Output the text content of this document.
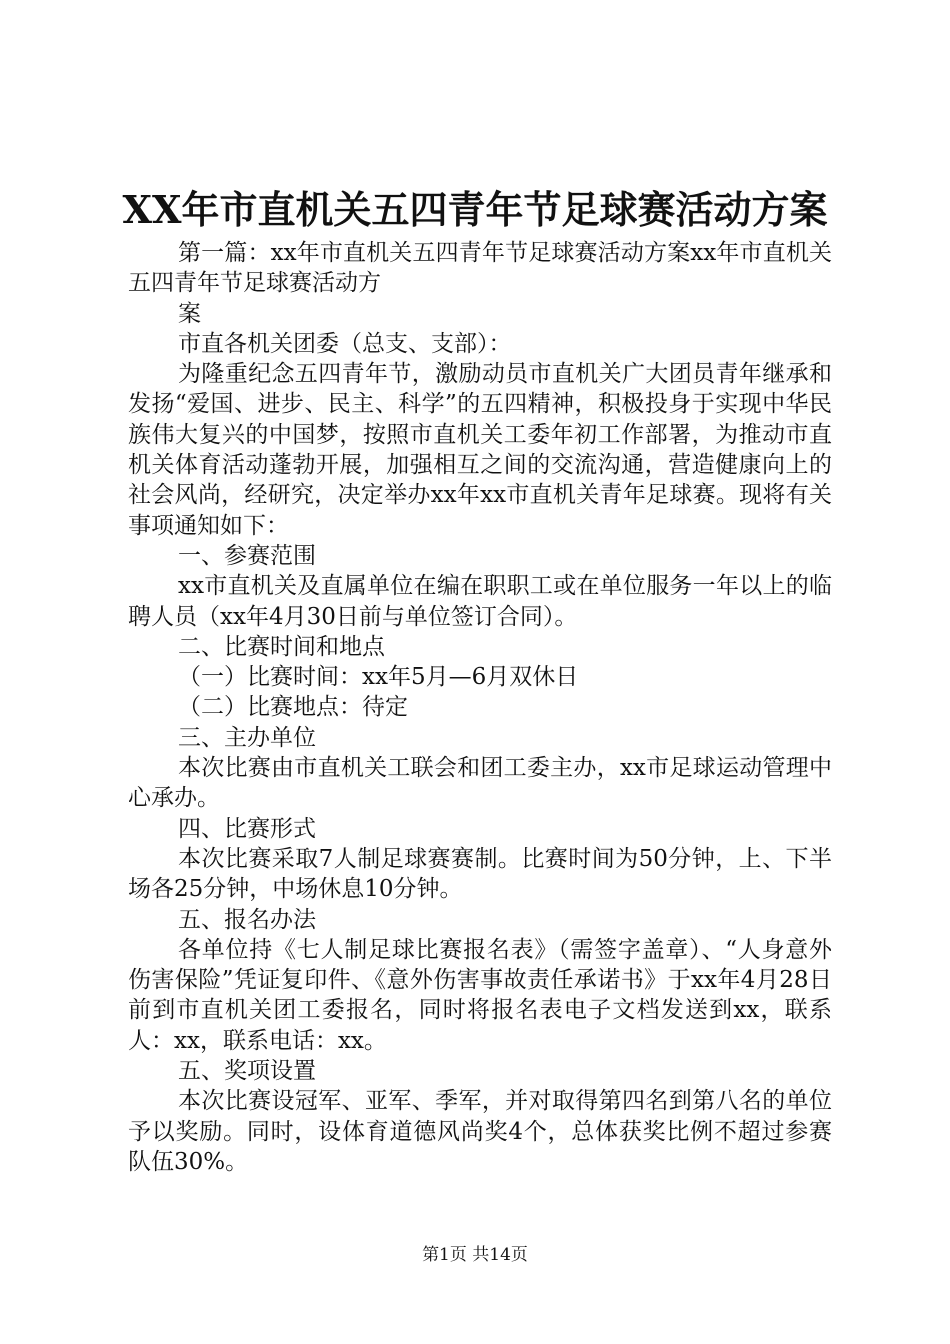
XX年市直机关五四青年节足球赛活动方案

第一篇：xx年市直机关五四青年节足球赛活动方案xx年市直机关五四青年节足球赛活动方

案

市直各机关团委（总支、支部）：

为隆重纪念五四青年节，激励动员市直机关广大团员青年继承和发扬“爱国、进步、民主、科学”的五四精神，积极投身于实现中华民族伟大复兴的中国梦，按照市直机关工委年初工作部署，为推动市直机关体育活动蓬勃开展，加强相互之间的交流沟通，营造健康向上的社会风尚，经研究，决定举办xx年xx市直机关青年足球赛。现将有关事项通知如下：

一、参赛范围

xx市直机关及直属单位在编在职职工或在单位服务一年以上的临聘人员（xx年4月30日前与单位签订合同）。

二、比赛时间和地点

（一）比赛时间：xx年5月—6月双休日

（二）比赛地点：待定

三、主办单位

本次比赛由市直机关工联会和团工委主办，xx市足球运动管理中心承办。

四、比赛形式

本次比赛采取7人制足球赛赛制。比赛时间为50分钟，上、下半场各25分钟，中场休息10分钟。

五、报名办法

各单位持《七人制足球比赛报名表》（需签字盖章）、“人身意外伤害保险”凭证复印件、《意外伤害事故责任承诺书》于xx年4月28日前到市直机关团工委报名，同时将报名表电子文档发送到xx，联系人：xx，联系电话：xx。

五、奖项设置

本次比赛设冠军、亚军、季军，并对取得第四名到第八名的单位予以奖励。同时，设体育道德风尚奖4个，总体获奖比例不超过参赛队伍30%。

第1页 共14页
